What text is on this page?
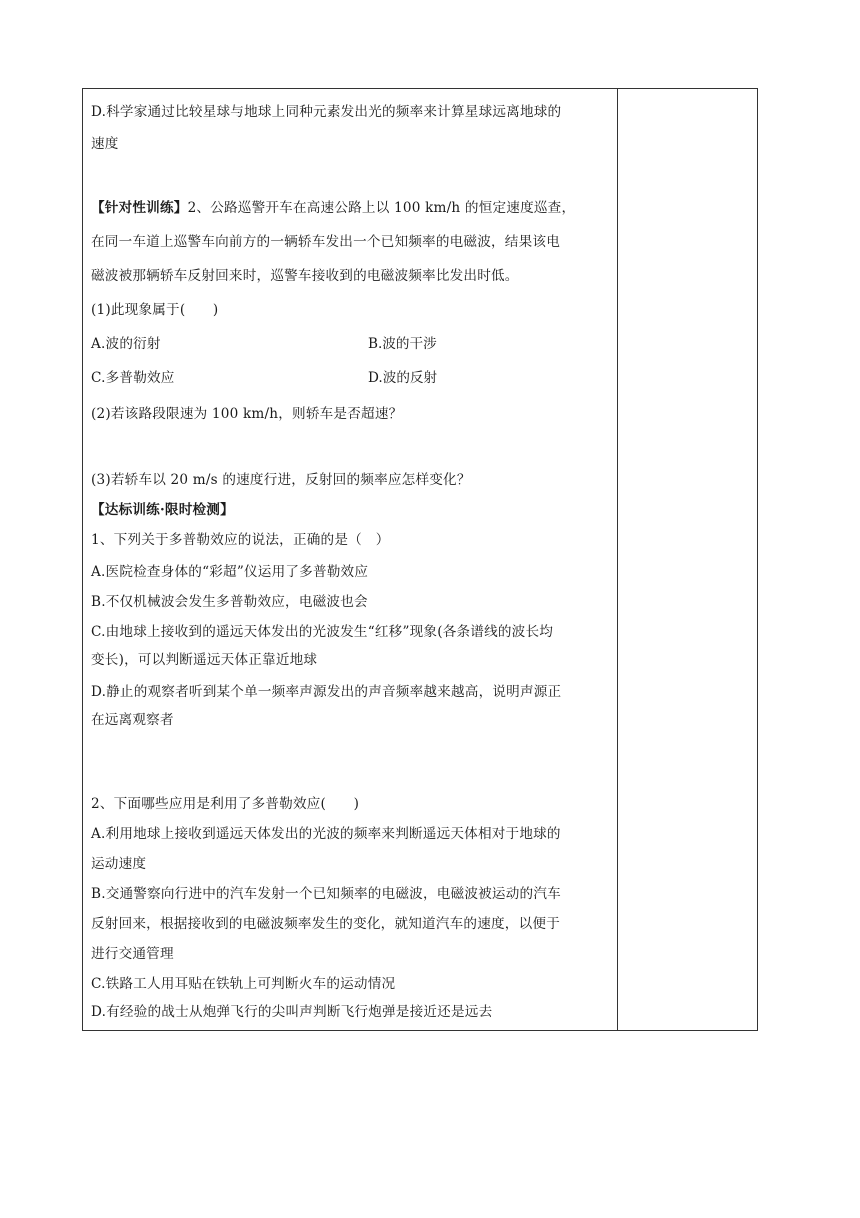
D.科学家通过比较星球与地球上同种元素发出光的频率来计算星球远离地球的
速度
【针对性训练】2、公路巡警开车在高速公路上以 100 km/h 的恒定速度巡查，
在同一车道上巡警车向前方的一辆轿车发出一个已知频率的电磁波，结果该电
磁波被那辆轿车反射回来时，巡警车接收到的电磁波频率比发出时低。
(1)此现象属于(　　)
A.波的衍射	B.波的干涉
C.多普勒效应	D.波的反射
(2)若该路段限速为 100 km/h，则轿车是否超速？
(3)若轿车以 20 m/s 的速度行进，反射回的频率应怎样变化？
【达标训练·限时检测】
1、下列关于多普勒效应的说法，正确的是（　）
A.医院检查身体的“彩超”仪运用了多普勒效应
B.不仅机械波会发生多普勒效应，电磁波也会
C.由地球上接收到的遥远天体发出的光波发生“红移”现象(各条谱线的波长均
变长)，可以判断遥远天体正靠近地球
D.静止的观察者听到某个单一频率声源发出的声音频率越来越高，说明声源正
在远离观察者
2、下面哪些应用是利用了多普勒效应(　　)
A.利用地球上接收到遥远天体发出的光波的频率来判断遥远天体相对于地球的
运动速度
B.交通警察向行进中的汽车发射一个已知频率的电磁波，电磁波被运动的汽车
反射回来，根据接收到的电磁波频率发生的变化，就知道汽车的速度，以便于
进行交通管理
C.铁路工人用耳贴在铁轨上可判断火车的运动情况
D.有经验的战士从炮弹飞行的尖叫声判断飞行炮弹是接近还是远去
